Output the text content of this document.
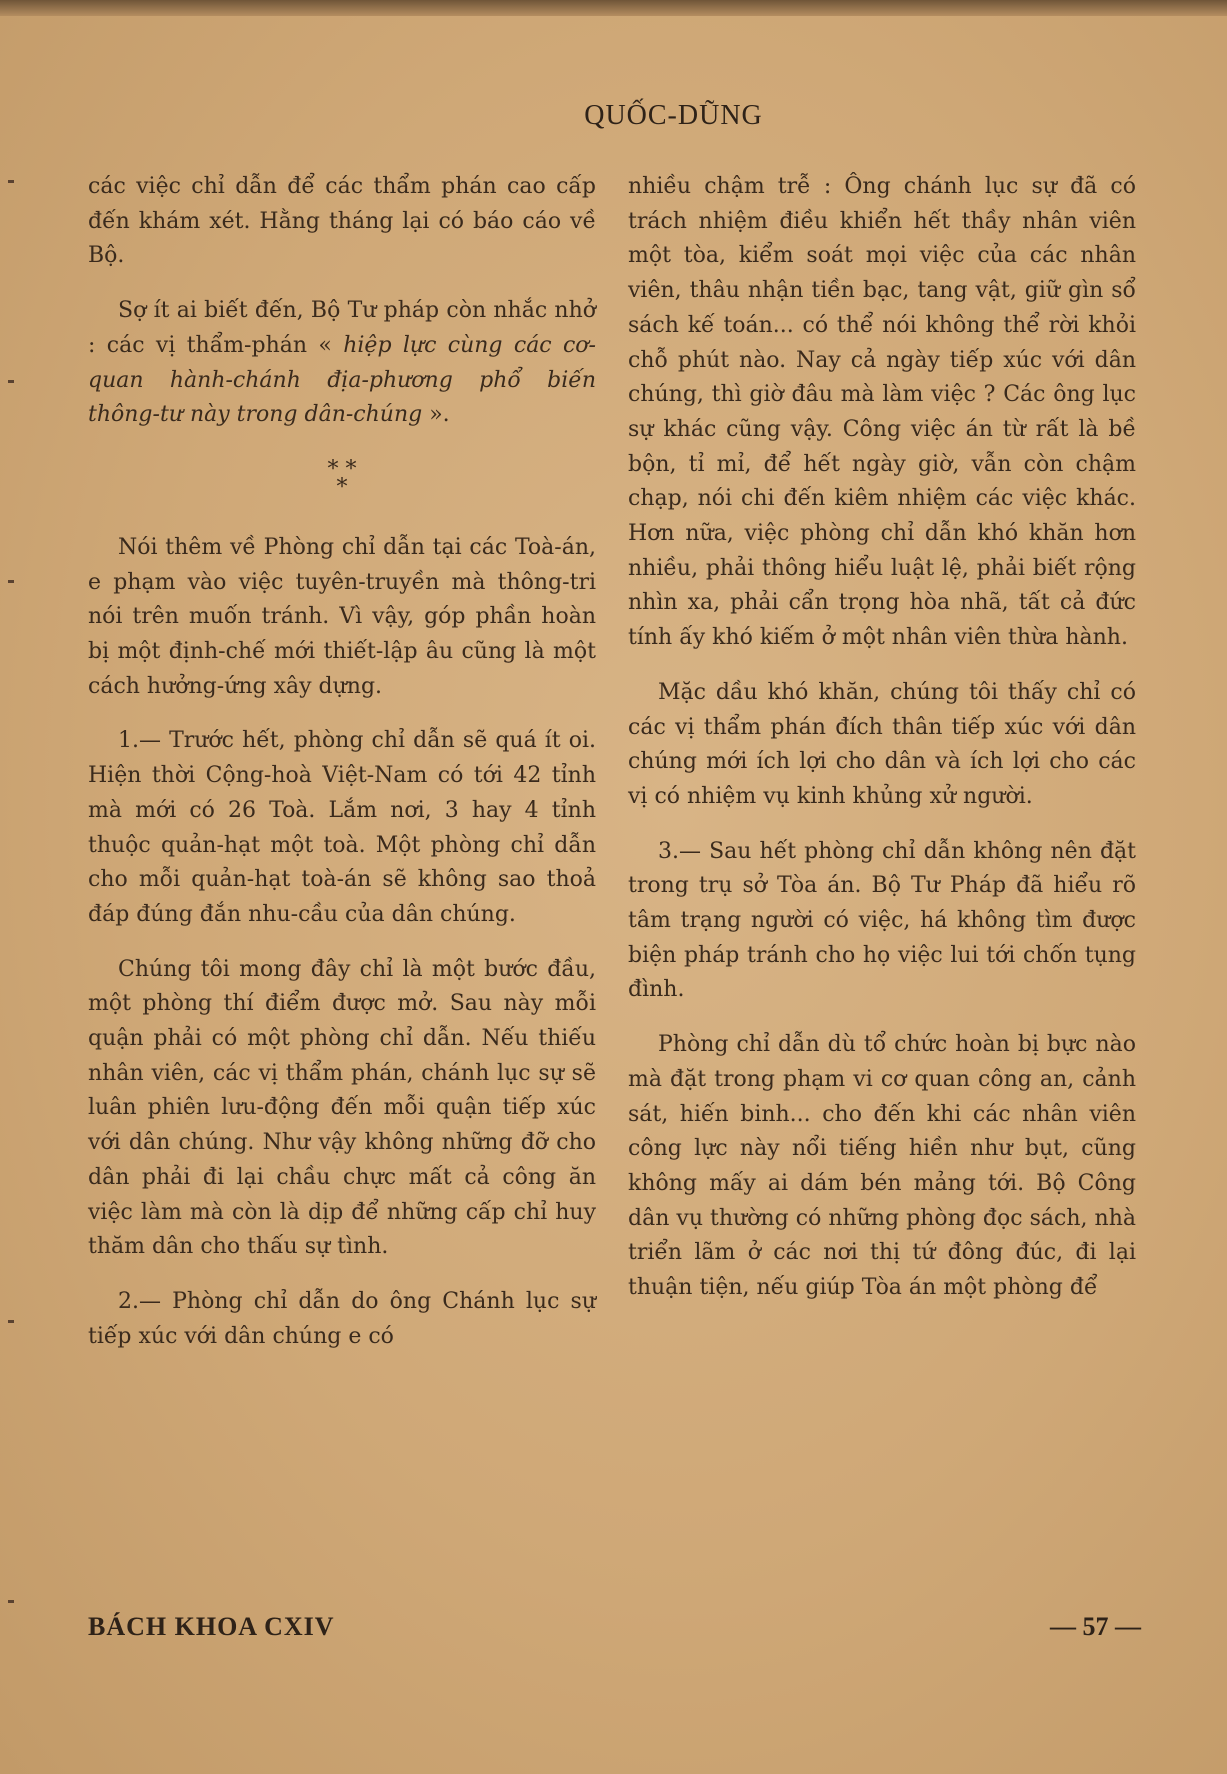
QUỐC-DŨNG

các việc chỉ dẫn để các thẩm phán cao cấp đến khám xét. Hằng tháng lại có báo cáo về Bộ.

Sợ ít ai biết đến, Bộ Tư pháp còn nhắc nhở : các vị thẩm-phán « hiệp lực cùng các cơ-quan hành-chánh địa-phương phổ biến thông-tư này trong dân-chúng ».

* *
*

Nói thêm về Phòng chỉ dẫn tại các Toà-án, e phạm vào việc tuyên-truyền mà thông-tri nói trên muốn tránh. Vì vậy, góp phần hoàn bị một định-chế mới thiết-lập âu cũng là một cách hưởng-ứng xây dựng.

1.— Trước hết, phòng chỉ dẫn sẽ quá ít oi. Hiện thời Cộng-hoà Việt-Nam có tới 42 tỉnh mà mới có 26 Toà. Lắm nơi, 3 hay 4 tỉnh thuộc quản-hạt một toà. Một phòng chỉ dẫn cho mỗi quản-hạt toà-án sẽ không sao thoả đáp đúng đắn nhu-cầu của dân chúng.

Chúng tôi mong đây chỉ là một bước đầu, một phòng thí điểm được mở. Sau này mỗi quận phải có một phòng chỉ dẫn. Nếu thiếu nhân viên, các vị thẩm phán, chánh lục sự sẽ luân phiên lưu-động đến mỗi quận tiếp xúc với dân chúng. Như vậy không những đỡ cho dân phải đi lại chầu chực mất cả công ăn việc làm mà còn là dịp để những cấp chỉ huy thăm dân cho thấu sự tình.

2.— Phòng chỉ dẫn do ông Chánh lục sự tiếp xúc với dân chúng e có

nhiều chậm trễ : Ông chánh lục sự đã có trách nhiệm điều khiển hết thầy nhân viên một tòa, kiểm soát mọi việc của các nhân viên, thâu nhận tiền bạc, tang vật, giữ gìn sổ sách kế toán... có thể nói không thể rời khỏi chỗ phút nào. Nay cả ngày tiếp xúc với dân chúng, thì giờ đâu mà làm việc ? Các ông lục sự khác cũng vậy. Công việc án từ rất là bề bộn, tỉ mỉ, để hết ngày giờ, vẫn còn chậm chạp, nói chi đến kiêm nhiệm các việc khác. Hơn nữa, việc phòng chỉ dẫn khó khăn hơn nhiều, phải thông hiểu luật lệ, phải biết rộng nhìn xa, phải cẩn trọng hòa nhã, tất cả đức tính ấy khó kiếm ở một nhân viên thừa hành.

Mặc dầu khó khăn, chúng tôi thấy chỉ có các vị thẩm phán đích thân tiếp xúc với dân chúng mới ích lợi cho dân và ích lợi cho các vị có nhiệm vụ kinh khủng xử người.

3.— Sau hết phòng chỉ dẫn không nên đặt trong trụ sở Tòa án. Bộ Tư Pháp đã hiểu rõ tâm trạng người có việc, há không tìm được biện pháp tránh cho họ việc lui tới chốn tụng đình.

Phòng chỉ dẫn dù tổ chức hoàn bị bực nào mà đặt trong phạm vi cơ quan công an, cảnh sát, hiến binh... cho đến khi các nhân viên công lực này nổi tiếng hiền như bụt, cũng không mấy ai dám bén mảng tới. Bộ Công dân vụ thường có những phòng đọc sách, nhà triển lãm ở các nơi thị tứ đông đúc, đi lại thuận tiện, nếu giúp Tòa án một phòng để

BÁCH KHOA CXIV	— 57 —
